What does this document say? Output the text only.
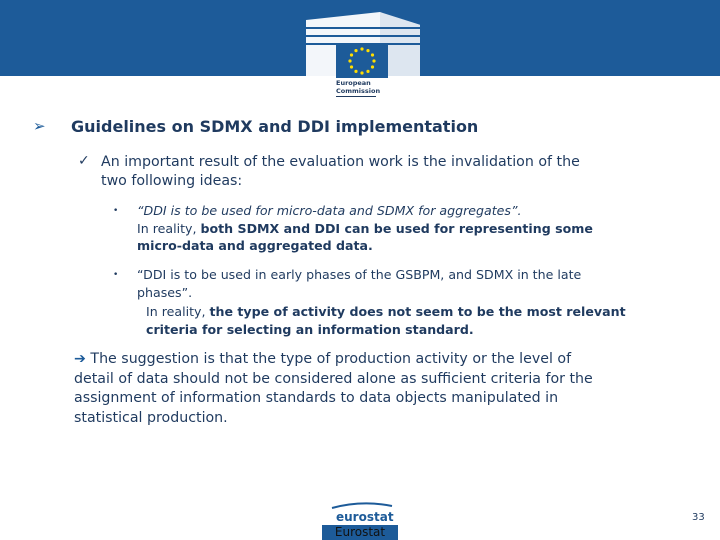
European
Commission
➢ Guidelines on SDMX and DDI implementation
✓ An important result of the evaluation work is the invalidation of the
two following ideas:
• “DDI is to be used for micro-data and SDMX for aggregates”.
In reality, both SDMX and DDI can be used for representing some
micro-data and aggregated data.
• “DDI is to be used in early phases of the GSBPM, and SDMX in the late
phases”.
In reality, the type of activity does not seem to be the most relevant
criteria for selecting an information standard.
➔ The suggestion is that the type of production activity or the level of
detail of data should not be considered alone as sufficient criteria for the
assignment of information standards to data objects manipulated in
statistical production.
eurostat
Eurostat
33
